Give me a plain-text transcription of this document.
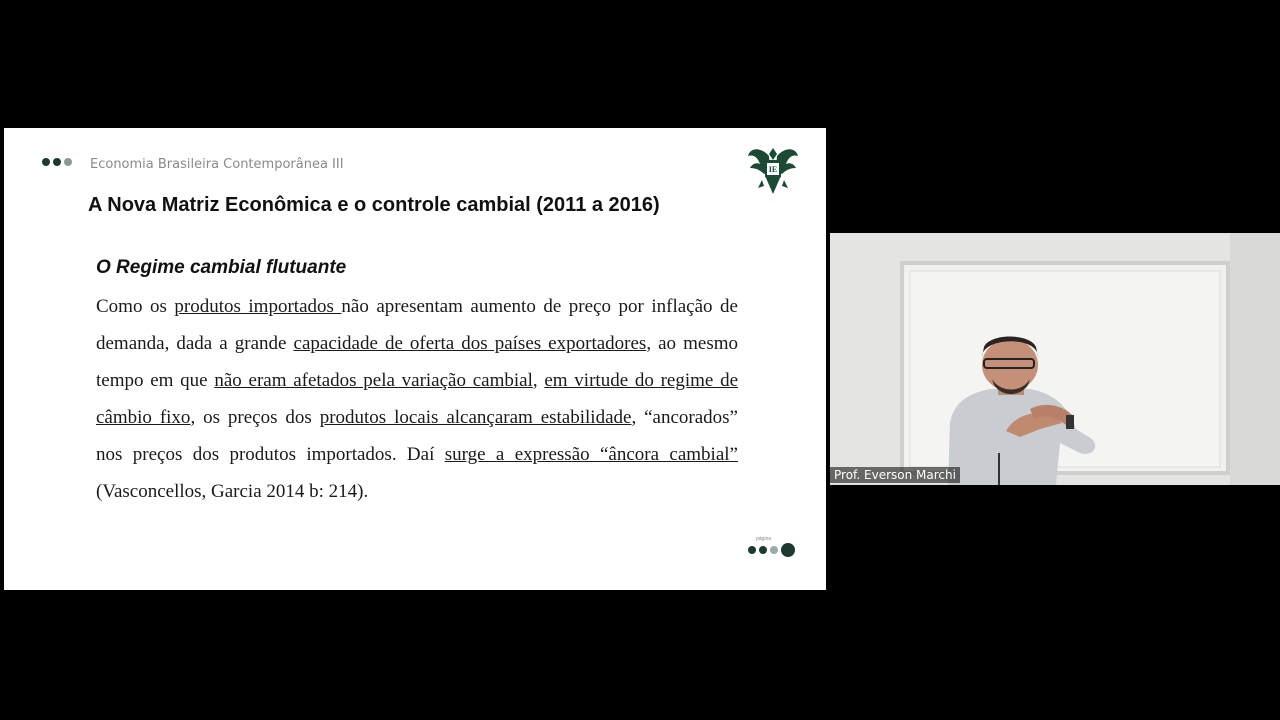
Economia Brasileira Contemporânea III	IE
A Nova Matriz Econômica e o controle cambial (2011 a 2016)
O Regime cambial flutuante

Como os produtos importados não apresentam aumento de preço por inflação de demanda, dada a grande capacidade de oferta dos países exportadores, ao mesmo tempo em que não eram afetados pela variação cambial, em virtude do regime de câmbio fixo, os preços dos produtos locais alcançaram estabilidade, “ancorados” nos preços dos produtos importados. Daí surge a expressão “âncora cambial” (Vasconcellos, Garcia 2014 b: 214).

página
Prof. Everson Marchi
